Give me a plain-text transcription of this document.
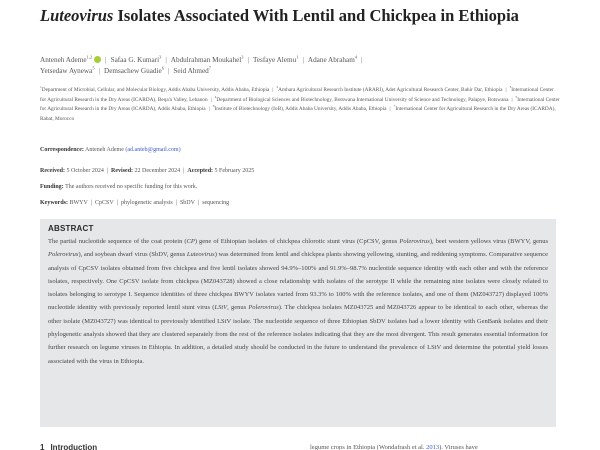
Luteovirus Isolates Associated With Lentil and Chickpea in Ethiopia
Anteneh Ademe$^{1,2}$ | Safaa G. Kumari$^3$ | Abdulrahman Moukahel$^3$ | Tesfaye Alemu$^1$ | Adane Abraham$^4$ |
Yetsedaw Aynewa$^5$ | Demsachew Guadie$^6$ | Seid Ahmed$^7$
$^1$Department of Microbial, Cellular, and Molecular Biology, Addis Ababa University, Addis Ababa, Ethiopia | $^2$Amhara Agricultural Research Institute (ARARI), Adet Agricultural Research Center, Bahir Dar, Ethiopia | $^3$International Center for Agricultural Research in the Dry Areas (ICARDA), Beqa'a Valley, Lebanon | $^4$Department of Biological Sciences and Biotechnology, Botswana International University of Science and Technology, Palapye, Botswana | $^5$International Center for Agricultural Research in the Dry Areas (ICARDA), Addis Ababa, Ethiopia | $^6$Institute of Biotechnology (IoB), Addis Ababa University, Addis Ababa, Ethiopia | $^7$International Center for Agricultural Research in the Dry Areas (ICARDA), Rabat, Morocco
Correspondence: Anteneh Ademe (ad.anteb@gmail.com)
Received: 5 October 2024 | Revised: 22 December 2024 | Accepted: 5 February 2025
Funding: The authors received no specific funding for this work.
Keywords: BWYV | CpCSV | phylogenetic analysis | SbDV | sequencing
ABSTRACT

The partial nucleotide sequence of the coat protein (CP) gene of Ethiopian isolates of chickpea chlorotic stunt virus (CpCSV, genus Polerovirus), beet western yellows virus (BWYV, genus Polerovirus), and soybean dwarf virus (SbDV, genus Luteovirus) was determined from lentil and chickpea plants showing yellowing, stunting, and reddening symptoms. Comparative sequence analysis of CpCSV isolates obtained from five chickpea and five lentil isolates showed 94.9%–100% and 91.9%–98.7% nucleotide sequence identity with each other and with the reference isolates, respectively. One CpCSV isolate from chickpea (MZ043728) showed a close relationship with isolates of the serotype II while the remaining nine isolates were closely related to isolates belonging to serotype I. Sequence identities of three chickpea BWYV isolates varied from 93.3% to 100% with the reference isolates, and one of them (MZ043727) displayed 100% nucleotide identity with previously reported lentil stunt virus (LStV, genus Polerovirus). The chickpea isolates MZ043725 and MZ043726 appear to be identical to each other, whereas the other isolate (MZ043727) was identical to previously identified LStV isolate. The nucleotide sequence of three Ethiopian SbDV isolates had a lower identity with GenBank isolates and their phylogenetic analysis showed that they are clustered separately from the rest of the reference isolates indicating that they are the most divergent. This result generates essential information for further research on legume viruses in Ethiopia. In addition, a detailed study should be conducted in the future to understand the prevalence of LStV and determine the potential yield losses associated with the virus in Ethiopia.

1 Introduction	legume crops in Ethiopia (Wondafrash et al. 2013). Viruses have
